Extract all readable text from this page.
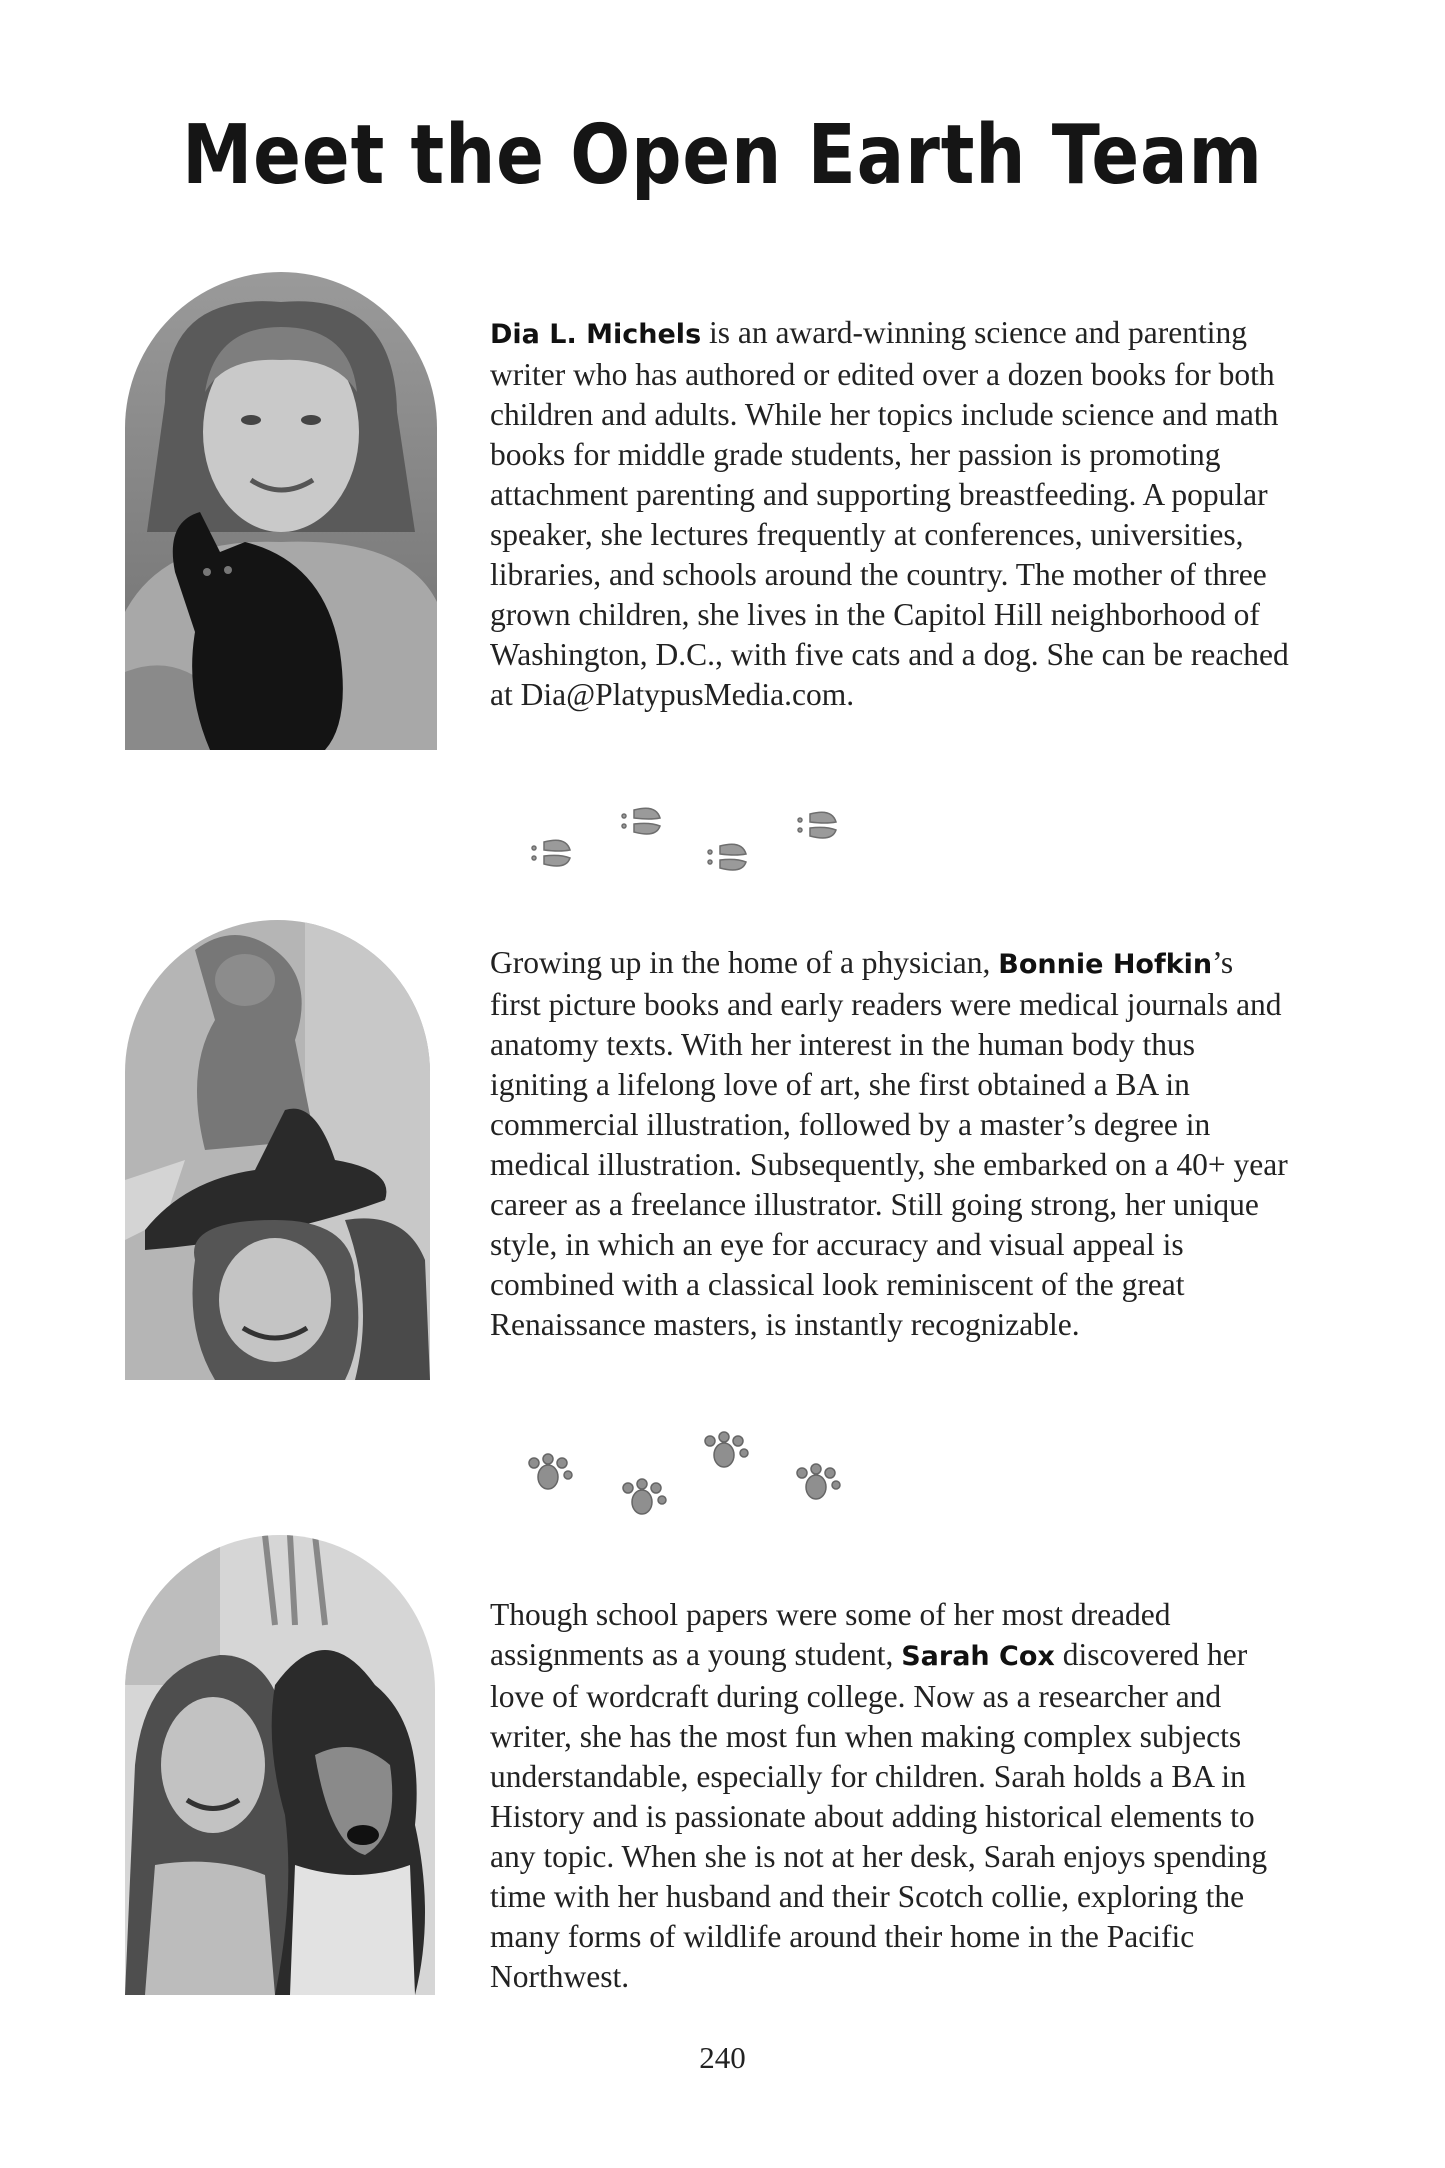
Meet the Open Earth Team
Dia L. Michels is an award-winning science and parenting writer who has authored or edited over a dozen books for both children and adults. While her topics include science and math books for middle grade students, her passion is promoting attachment parenting and supporting breastfeeding. A popular speaker, she lectures frequently at conferences, universities, libraries, and schools around the country. The mother of three grown children, she lives in the Capitol Hill neighborhood of Washington, D.C., with five cats and a dog. She can be reached at Dia@PlatypusMedia.com.
Growing up in the home of a physician, Bonnie Hofkin’s first picture books and early readers were medical journals and anatomy texts. With her interest in the human body thus igniting a lifelong love of art, she first obtained a BA in commercial illustration, followed by a master’s degree in medical illustration. Subsequently, she embarked on a 40+ year career as a freelance illustrator. Still going strong, her unique style, in which an eye for accuracy and visual appeal is combined with a classical look reminiscent of the great Renaissance masters, is instantly recognizable.
Though school papers were some of her most dreaded assignments as a young student, Sarah Cox discovered her love of wordcraft during college. Now as a researcher and writer, she has the most fun when making complex subjects understandable, especially for children. Sarah holds a BA in History and is passionate about adding historical elements to any topic. When she is not at her desk, Sarah enjoys spending time with her husband and their Scotch collie, exploring the many forms of wildlife around their home in the Pacific Northwest.
240
